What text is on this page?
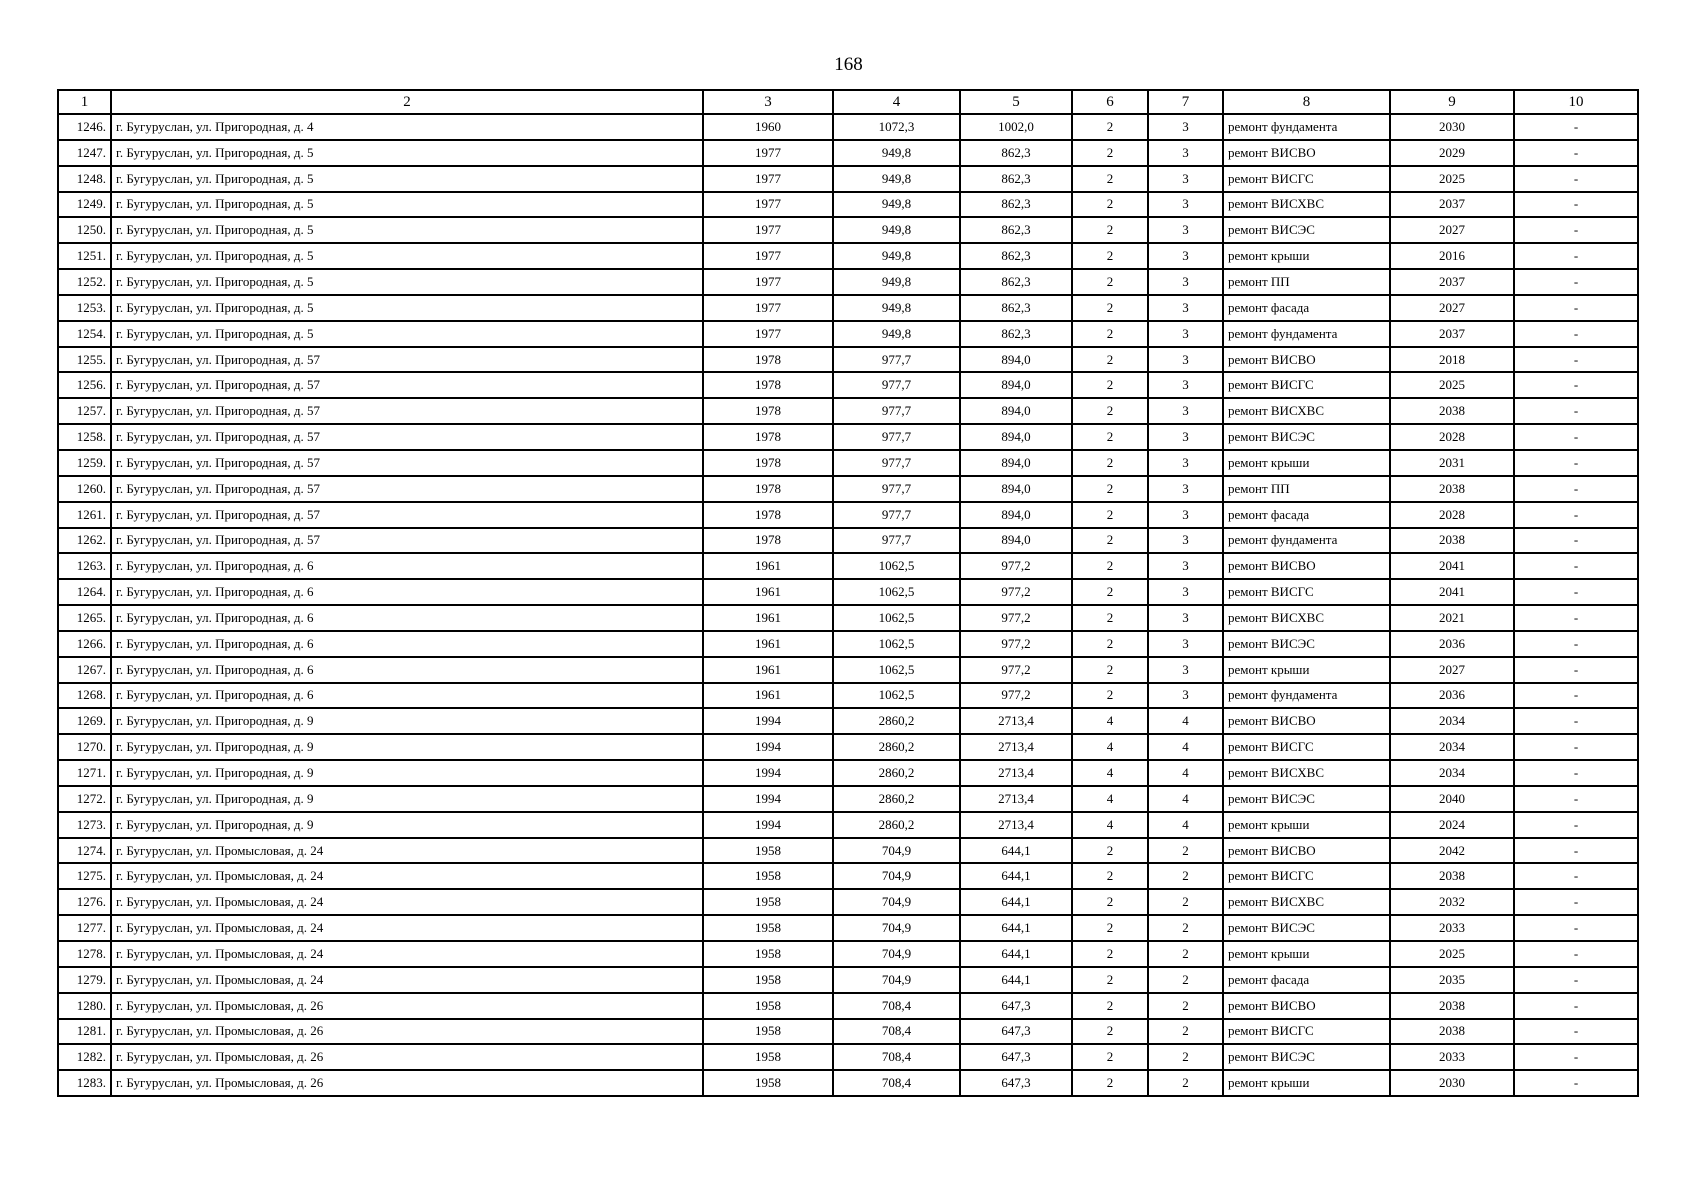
168
1	2	3	4	5	6	7	8	9	10
1246.	г. Бугуруслан, ул. Пригородная, д. 4	1960	1072,3	1002,0	2	3	ремонт фундамента	2030	-
1247.	г. Бугуруслан, ул. Пригородная, д. 5	1977	949,8	862,3	2	3	ремонт ВИСВО	2029	-
1248.	г. Бугуруслан, ул. Пригородная, д. 5	1977	949,8	862,3	2	3	ремонт ВИСГС	2025	-
1249.	г. Бугуруслан, ул. Пригородная, д. 5	1977	949,8	862,3	2	3	ремонт ВИСХВС	2037	-
1250.	г. Бугуруслан, ул. Пригородная, д. 5	1977	949,8	862,3	2	3	ремонт ВИСЭС	2027	-
1251.	г. Бугуруслан, ул. Пригородная, д. 5	1977	949,8	862,3	2	3	ремонт крыши	2016	-
1252.	г. Бугуруслан, ул. Пригородная, д. 5	1977	949,8	862,3	2	3	ремонт ПП	2037	-
1253.	г. Бугуруслан, ул. Пригородная, д. 5	1977	949,8	862,3	2	3	ремонт фасада	2027	-
1254.	г. Бугуруслан, ул. Пригородная, д. 5	1977	949,8	862,3	2	3	ремонт фундамента	2037	-
1255.	г. Бугуруслан, ул. Пригородная, д. 57	1978	977,7	894,0	2	3	ремонт ВИСВО	2018	-
1256.	г. Бугуруслан, ул. Пригородная, д. 57	1978	977,7	894,0	2	3	ремонт ВИСГС	2025	-
1257.	г. Бугуруслан, ул. Пригородная, д. 57	1978	977,7	894,0	2	3	ремонт ВИСХВС	2038	-
1258.	г. Бугуруслан, ул. Пригородная, д. 57	1978	977,7	894,0	2	3	ремонт ВИСЭС	2028	-
1259.	г. Бугуруслан, ул. Пригородная, д. 57	1978	977,7	894,0	2	3	ремонт крыши	2031	-
1260.	г. Бугуруслан, ул. Пригородная, д. 57	1978	977,7	894,0	2	3	ремонт ПП	2038	-
1261.	г. Бугуруслан, ул. Пригородная, д. 57	1978	977,7	894,0	2	3	ремонт фасада	2028	-
1262.	г. Бугуруслан, ул. Пригородная, д. 57	1978	977,7	894,0	2	3	ремонт фундамента	2038	-
1263.	г. Бугуруслан, ул. Пригородная, д. 6	1961	1062,5	977,2	2	3	ремонт ВИСВО	2041	-
1264.	г. Бугуруслан, ул. Пригородная, д. 6	1961	1062,5	977,2	2	3	ремонт ВИСГС	2041	-
1265.	г. Бугуруслан, ул. Пригородная, д. 6	1961	1062,5	977,2	2	3	ремонт ВИСХВС	2021	-
1266.	г. Бугуруслан, ул. Пригородная, д. 6	1961	1062,5	977,2	2	3	ремонт ВИСЭС	2036	-
1267.	г. Бугуруслан, ул. Пригородная, д. 6	1961	1062,5	977,2	2	3	ремонт крыши	2027	-
1268.	г. Бугуруслан, ул. Пригородная, д. 6	1961	1062,5	977,2	2	3	ремонт фундамента	2036	-
1269.	г. Бугуруслан, ул. Пригородная, д. 9	1994	2860,2	2713,4	4	4	ремонт ВИСВО	2034	-
1270.	г. Бугуруслан, ул. Пригородная, д. 9	1994	2860,2	2713,4	4	4	ремонт ВИСГС	2034	-
1271.	г. Бугуруслан, ул. Пригородная, д. 9	1994	2860,2	2713,4	4	4	ремонт ВИСХВС	2034	-
1272.	г. Бугуруслан, ул. Пригородная, д. 9	1994	2860,2	2713,4	4	4	ремонт ВИСЭС	2040	-
1273.	г. Бугуруслан, ул. Пригородная, д. 9	1994	2860,2	2713,4	4	4	ремонт крыши	2024	-
1274.	г. Бугуруслан, ул. Промысловая, д. 24	1958	704,9	644,1	2	2	ремонт ВИСВО	2042	-
1275.	г. Бугуруслан, ул. Промысловая, д. 24	1958	704,9	644,1	2	2	ремонт ВИСГС	2038	-
1276.	г. Бугуруслан, ул. Промысловая, д. 24	1958	704,9	644,1	2	2	ремонт ВИСХВС	2032	-
1277.	г. Бугуруслан, ул. Промысловая, д. 24	1958	704,9	644,1	2	2	ремонт ВИСЭС	2033	-
1278.	г. Бугуруслан, ул. Промысловая, д. 24	1958	704,9	644,1	2	2	ремонт крыши	2025	-
1279.	г. Бугуруслан, ул. Промысловая, д. 24	1958	704,9	644,1	2	2	ремонт фасада	2035	-
1280.	г. Бугуруслан, ул. Промысловая, д. 26	1958	708,4	647,3	2	2	ремонт ВИСВО	2038	-
1281.	г. Бугуруслан, ул. Промысловая, д. 26	1958	708,4	647,3	2	2	ремонт ВИСГС	2038	-
1282.	г. Бугуруслан, ул. Промысловая, д. 26	1958	708,4	647,3	2	2	ремонт ВИСЭС	2033	-
1283.	г. Бугуруслан, ул. Промысловая, д. 26	1958	708,4	647,3	2	2	ремонт крыши	2030	-
